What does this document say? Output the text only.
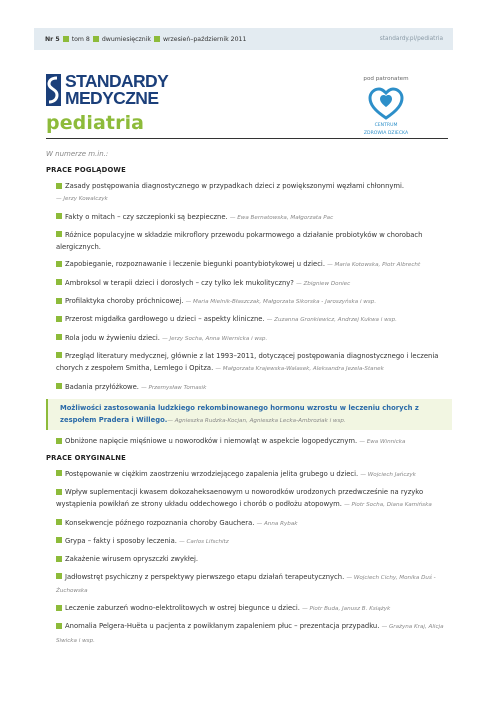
Nr 5 tom 8 dwumiesięcznik wrzesień–październik 2011	standardy.pl/pediatria
STANDARDY
MEDYCZNE
pediatria
pod patronatem
CENTRUM
ZDROWIA DZIECKA
W numerze m.in.:
PRACE POGLĄDOWE
Zasady postępowania diagnostycznego w przypadkach dzieci z powiększonymi węzłami chłonnymi.
— Jerzy Kowalczyk
Fakty o mitach – czy szczepionki są bezpieczne. — Ewa Bernatowska, Małgorzata Pac
Różnice populacyjne w składzie mikroflory przewodu pokarmowego a działanie probiotyków w chorobach alergicznych.
Zapobieganie, rozpoznawanie i leczenie biegunki poantybiotykowej u dzieci. — Maria Kotowska, Piotr Albrecht
Ambroksol w terapii dzieci i dorosłych – czy tylko lek mukolityczny? — Zbigniew Doniec
Profilaktyka choroby próchnicowej. — Maria Mielnik-Błaszczak, Małgorzata Sikorska - Jaroszyńska i wsp.
Przerost migdałka gardłowego u dzieci – aspekty kliniczne. — Zuzanna Gronkiewicz, Andrzej Kukwa i wsp.
Rola jodu w żywieniu dzieci. — Jerzy Socha, Anna Wiernicka i wsp.
Przegląd literatury medycznej, głównie z lat 1993–2011, dotyczącej postępowania diagnostycznego i leczenia chorych z zespołem Smitha, Lemlego i Opitza. — Małgorzata Krajewska-Walasek, Aleksandra Jezela-Stanek
Badania przyłóżkowe. — Przemysław Tomasik
Możliwości zastosowania ludzkiego rekombinowanego hormonu wzrostu w leczeniu chorych z zespołem Pradera i Willego. — Agnieszka Rudzka-Kocjan, Agnieszka Lecka-Ambroziak i wsp.
Obniżone napięcie mięśniowe u noworodków i niemowląt w aspekcie logopedycznym. — Ewa Winnicka
PRACE ORYGINALNE
Postępowanie w ciężkim zaostrzeniu wrzodziejącego zapalenia jelita grubego u dzieci. — Wojciech Jańczyk
Wpływ suplementacji kwasem dokozaheksaenowym u noworodków urodzonych przedwcześnie na ryzyko wystąpienia powikłań ze strony układu oddechowego i chorób o podłożu atopowym. — Piotr Socha, Diana Kamińska
Konsekwencje późnego rozpoznania choroby Gauchera. — Anna Rybak
Grypa – fakty i sposoby leczenia. — Carlos Lifschitz
Zakażenie wirusem opryszczki zwykłej.
Jadłowstręt psychiczny z perspektywy pierwszego etapu działań terapeutycznych. — Wojciech Cichy, Monika Duś - Żuchowska
Leczenie zaburzeń wodno-elektrolitowych w ostrej biegunce u dzieci. — Piotr Buda, Janusz B. Książyk
Anomalia Pelgera-Huëta u pacjenta z powikłanym zapaleniem płuc – prezentacja przypadku. — Grażyna Kraj, Alicja Siwicka i wsp.
